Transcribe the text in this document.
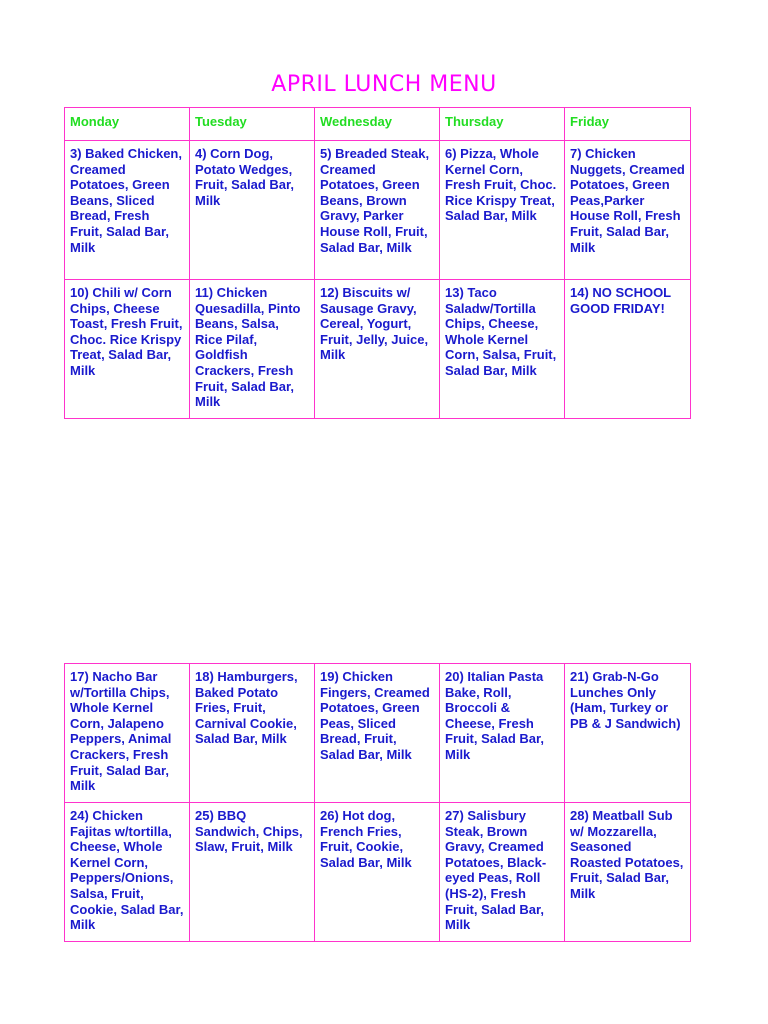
APRIL LUNCH MENU
Monday	Tuesday	Wednesday	Thursday	Friday
3) Baked Chicken, Creamed Potatoes, Green Beans, Sliced Bread, Fresh Fruit, Salad Bar, Milk	4) Corn Dog, Potato Wedges, Fruit, Salad Bar, Milk	5) Breaded Steak, Creamed Potatoes, Green Beans, Brown Gravy, Parker House Roll, Fruit, Salad Bar, Milk	6) Pizza, Whole Kernel Corn, Fresh Fruit, Choc. Rice Krispy Treat, Salad Bar, Milk	7) Chicken Nuggets, Creamed Potatoes, Green Peas,Parker House Roll, Fresh Fruit, Salad Bar, Milk
10) Chili w/ Corn Chips, Cheese Toast, Fresh Fruit, Choc. Rice Krispy Treat, Salad Bar, Milk	11) Chicken Quesadilla, Pinto Beans, Salsa, Rice Pilaf, Goldfish Crackers, Fresh Fruit, Salad Bar, Milk	12) Biscuits w/ Sausage Gravy, Cereal, Yogurt, Fruit, Jelly, Juice, Milk	13) Taco Saladw/Tortilla Chips, Cheese, Whole Kernel Corn, Salsa, Fruit, Salad Bar, Milk	14) NO SCHOOL GOOD FRIDAY!
17) Nacho Bar w/Tortilla Chips, Whole Kernel Corn, Jalapeno Peppers, Animal Crackers, Fresh Fruit, Salad Bar, Milk	18) Hamburgers, Baked Potato Fries, Fruit, Carnival Cookie, Salad Bar, Milk	19) Chicken Fingers, Creamed Potatoes, Green Peas, Sliced Bread, Fruit, Salad Bar, Milk	20) Italian Pasta Bake, Roll, Broccoli & Cheese, Fresh Fruit, Salad Bar, Milk	21) Grab-N-Go Lunches Only (Ham, Turkey or PB & J Sandwich)
24) Chicken Fajitas w/tortilla, Cheese, Whole Kernel Corn, Peppers/Onions, Salsa, Fruit, Cookie, Salad Bar, Milk	25) BBQ Sandwich, Chips, Slaw, Fruit, Milk	26) Hot dog, French Fries, Fruit, Cookie, Salad Bar, Milk	27) Salisbury Steak, Brown Gravy, Creamed Potatoes, Black-eyed Peas, Roll (HS-2), Fresh Fruit, Salad Bar, Milk	28) Meatball Sub w/ Mozzarella, Seasoned Roasted Potatoes, Fruit, Salad Bar, Milk
